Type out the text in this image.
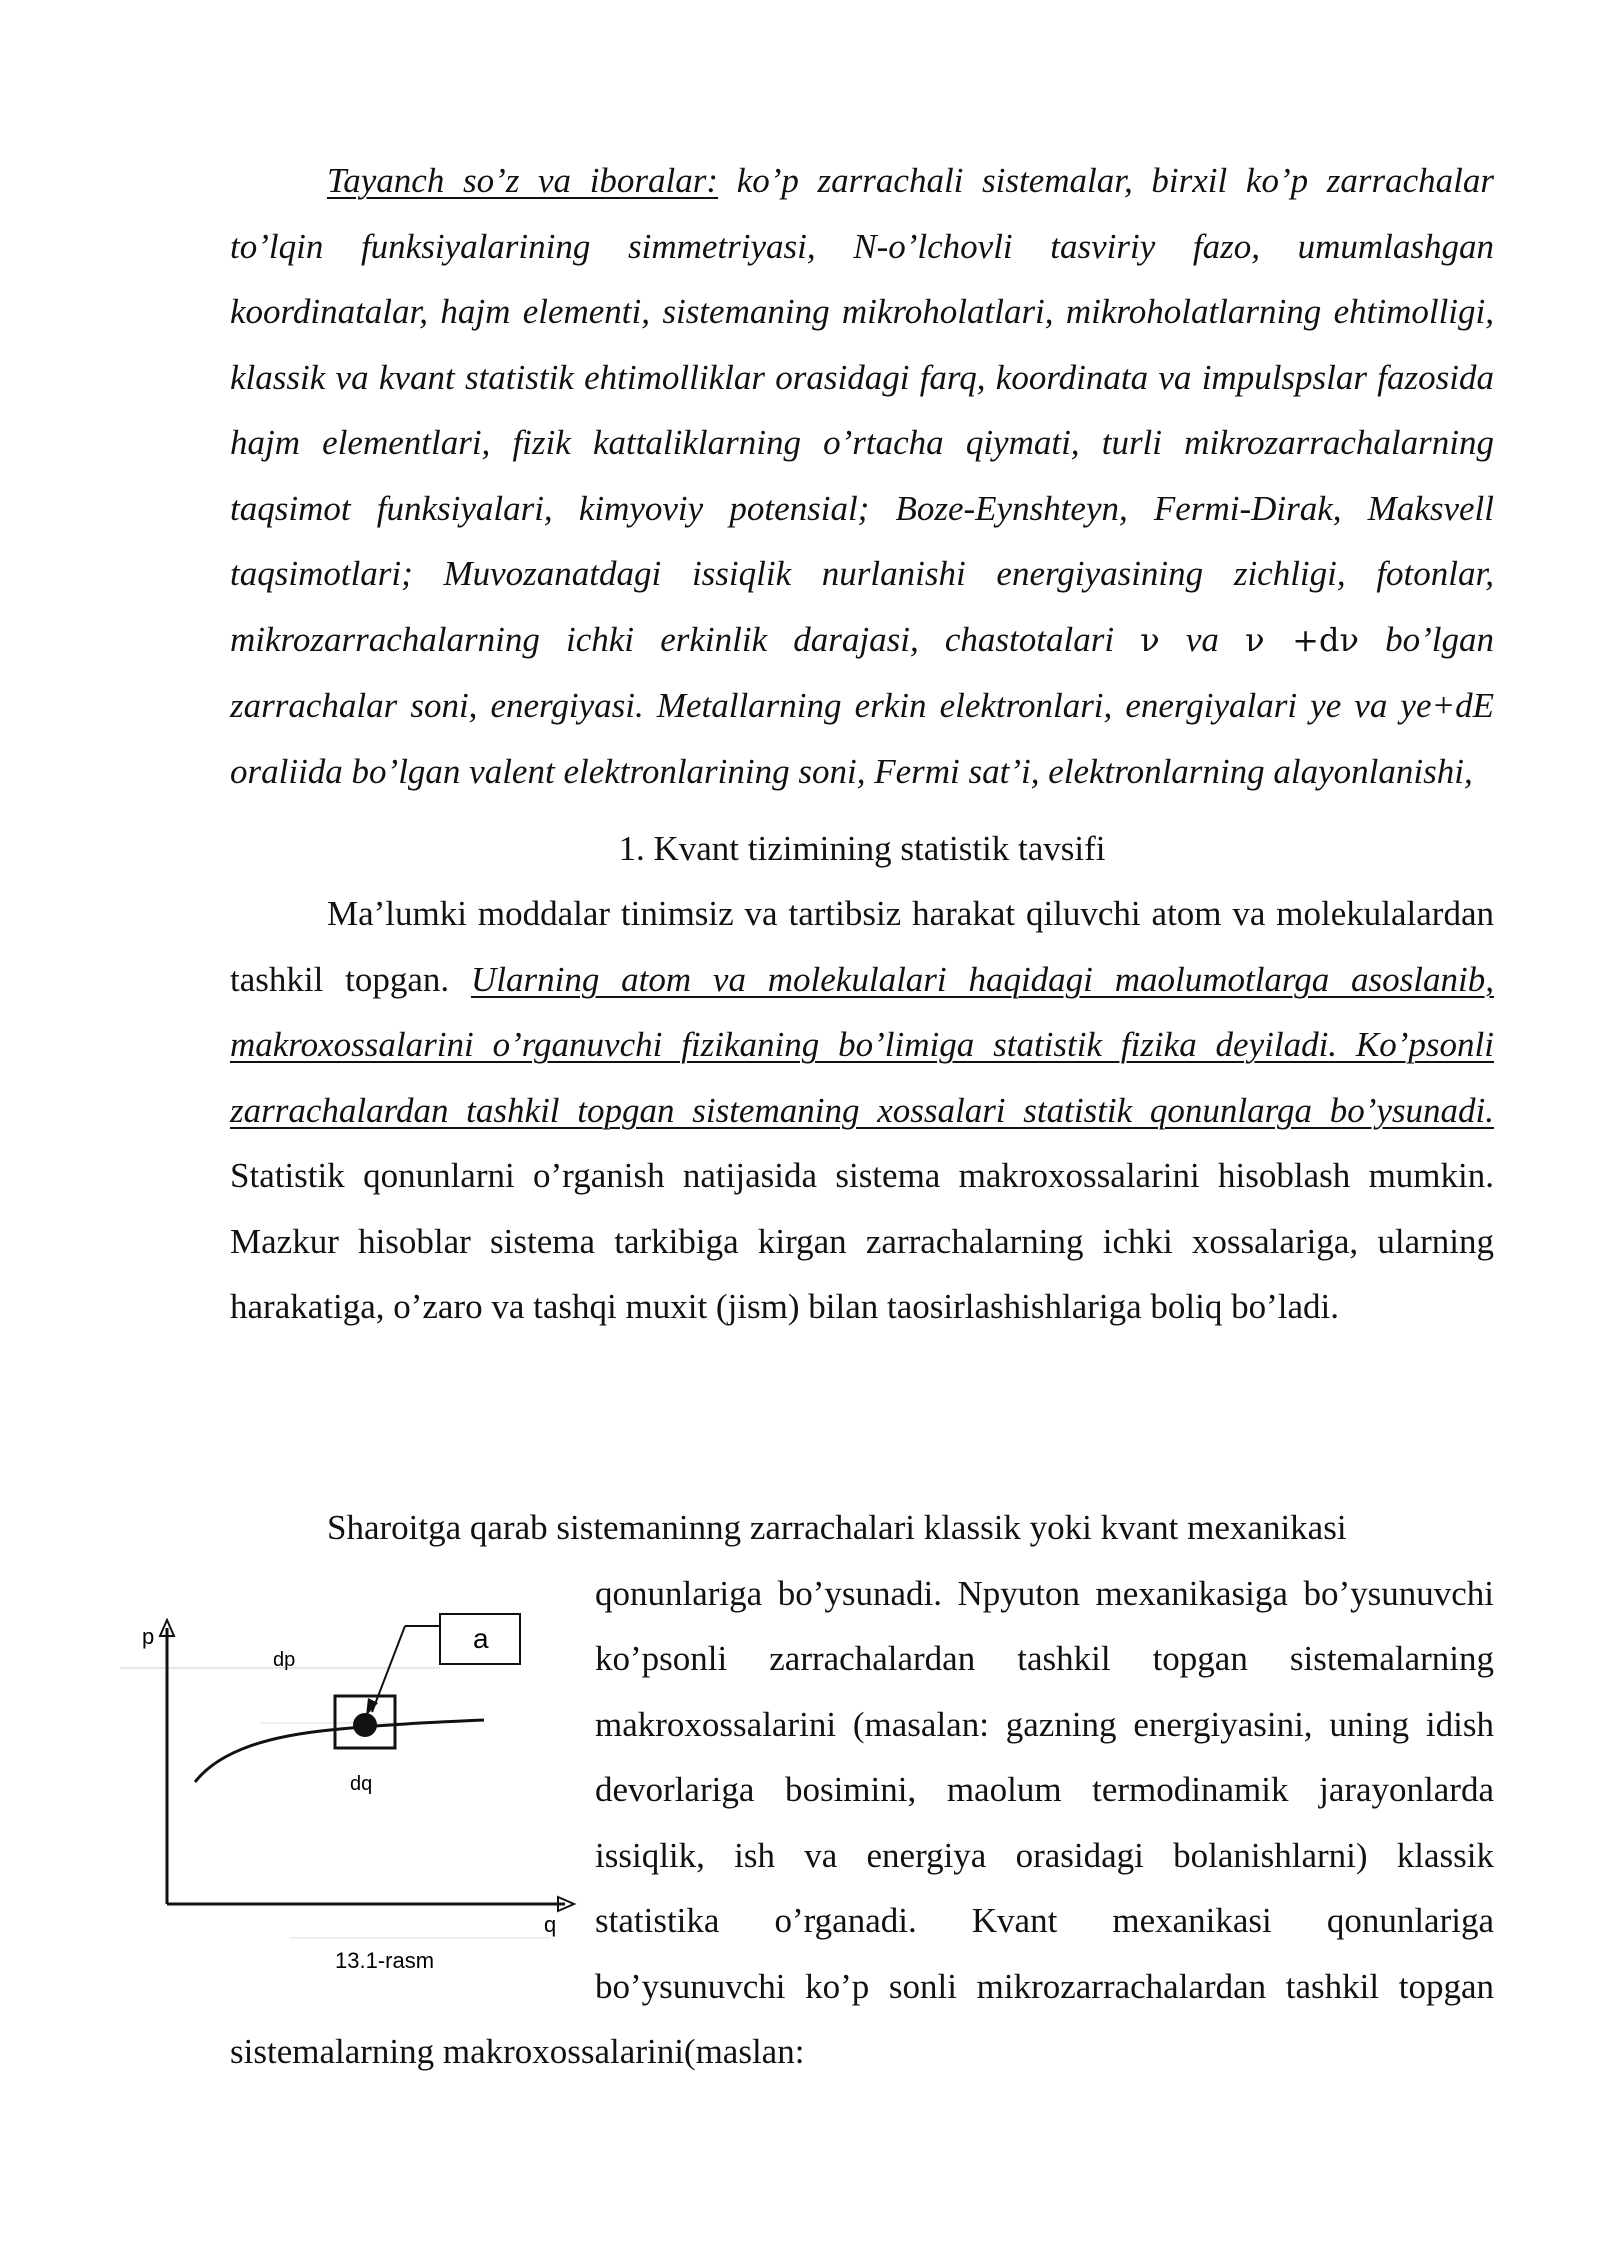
Tayanch so’z va iboralar: ko’p zarrachali sistemalar, birxil ko’p zarrachalar to’lqin funksiyalarining simmetriyasi, N-o’lchovli tasviriy fazo, umumlashgan koordinatalar, hajm elementi, sistemaning mikroholatlari, mikroholatlarning ehtimolligi, klassik va kvant statistik ehtimolliklar orasidagi farq, koordinata va impulspslar fazosida hajm elementlari, fizik kattaliklarning o’rtacha qiymati, turli mikrozarrachalarning taqsimot funksiyalari, kimyoviy potensial; Boze-Eynshteyn, Fermi-Dirak, Maksvell taqsimotlari; Muvozanatdagi issiqlik nurlanishi energiyasining zichligi, fotonlar, mikrozarrachalarning ichki erkinlik darajasi, chastotalari ν va ν +dν bo’lgan zarrachalar soni, energiyasi. Metallarning erkin elektronlari, energiyalari ye va ye+dE oraliida bo’lgan valent elektronlarining soni, Fermi sat’i, elektronlarning alayonlanishi,

1. Kvant tizimining statistik tavsifi

Ma’lumki moddalar tinimsiz va tartibsiz harakat qiluvchi atom va molekulalardan tashkil topgan. Ularning atom va molekulalari haqidagi maolumotlarga asoslanib, makroxossalarini o’rganuvchi fizikaning bo’limiga statistik fizika deyiladi. Ko’psonli zarrachalardan tashkil topgan sistemaning xossalari statistik qonunlarga bo’ysunadi. Statistik qonunlarni o’rganish natijasida sistema makroxossalarini hisoblash mumkin. Mazkur hisoblar sistema tarkibiga kirgan zarrachalarning ichki xossalariga, ularning harakatiga, o’zaro va tashqi muxit (jism) bilan taosirlashishlariga boliq bo’ladi.

Sharoitga qarab sistemaninng zarrachalari klassik yoki kvant mexanikasi

qonunlariga bo’ysunadi. Npyuton mexanikasiga bo’ysunuvchi ko’psonli zarrachalardan tashkil topgan sistemalarning makroxossalarini (masalan: gazning energiyasini, uning idish devorlariga bosimini, maolum termodinamik jarayonlarda issiqlik, ish va energiya orasidagi bolanishlarni) klassik statistika o’rganadi. Kvant mexanikasi qonunlariga bo’ysunuvchi ko’p sonli mikrozarrachalardan tashkil topgan sistemalarning makroxossalarini(maslan:

p
q
dp
dq
a
13.1-rasm
